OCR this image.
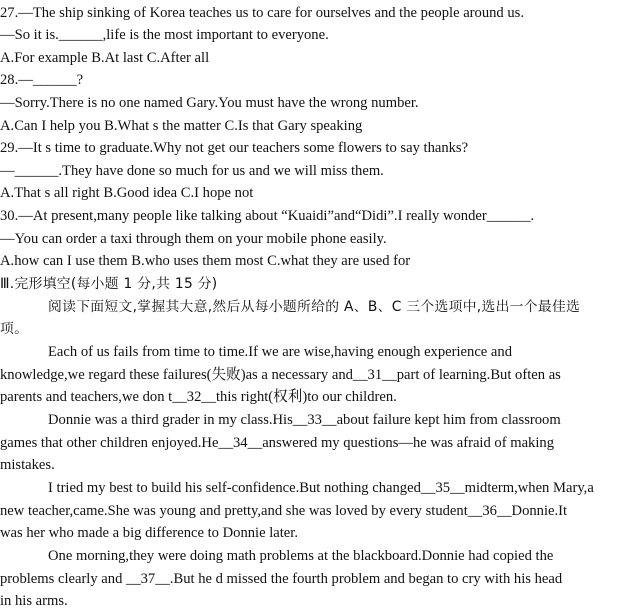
27.—The ship sinking of Korea teaches us to care for ourselves and the people around us.
—So it is.______,life is the most important to everyone.
A.For example B.At last C.After all
28.—______?
—Sorry.There is no one named Gary.You must have the wrong number.
A.Can I help you B.What s the matter C.Is that Gary speaking
29.—It s time to graduate.Why not get our teachers some flowers to say thanks?
—______.They have done so much for us and we will miss them.
A.That s all right B.Good idea C.I hope not
30.—At present,many people like talking about “Kuaidi”and“Didi”.I really wonder______.
—You can order a taxi through them on your mobile phone easily.
A.how can I use them B.who uses them most C.what they are used for
Ⅲ.完形填空(每小题 1 分,共 15 分)
阅读下面短文,掌握其大意,然后从每小题所给的 A、B、C 三个选项中,选出一个最佳选
项。
Each of us fails from time to time.If we are wise,having enough experience and
knowledge,we regard these failures(失败)as a necessary and__31__part of learning.But often as
parents and teachers,we don t__32__this right(权利)to our children.
Donnie was a third grader in my class.His__33__about failure kept him from classroom
games that other children enjoyed.He__34__answered my questions—he was afraid of making
mistakes.
I tried my best to build his self-confidence.But nothing changed__35__midterm,when Mary,a
new teacher,came.She was young and pretty,and she was loved by every student__36__Donnie.It
was her who made a big difference to Donnie later.
One morning,they were doing math problems at the blackboard.Donnie had copied the
problems clearly and __37__.But he d missed the fourth problem and began to cry with his head
in his arms.
